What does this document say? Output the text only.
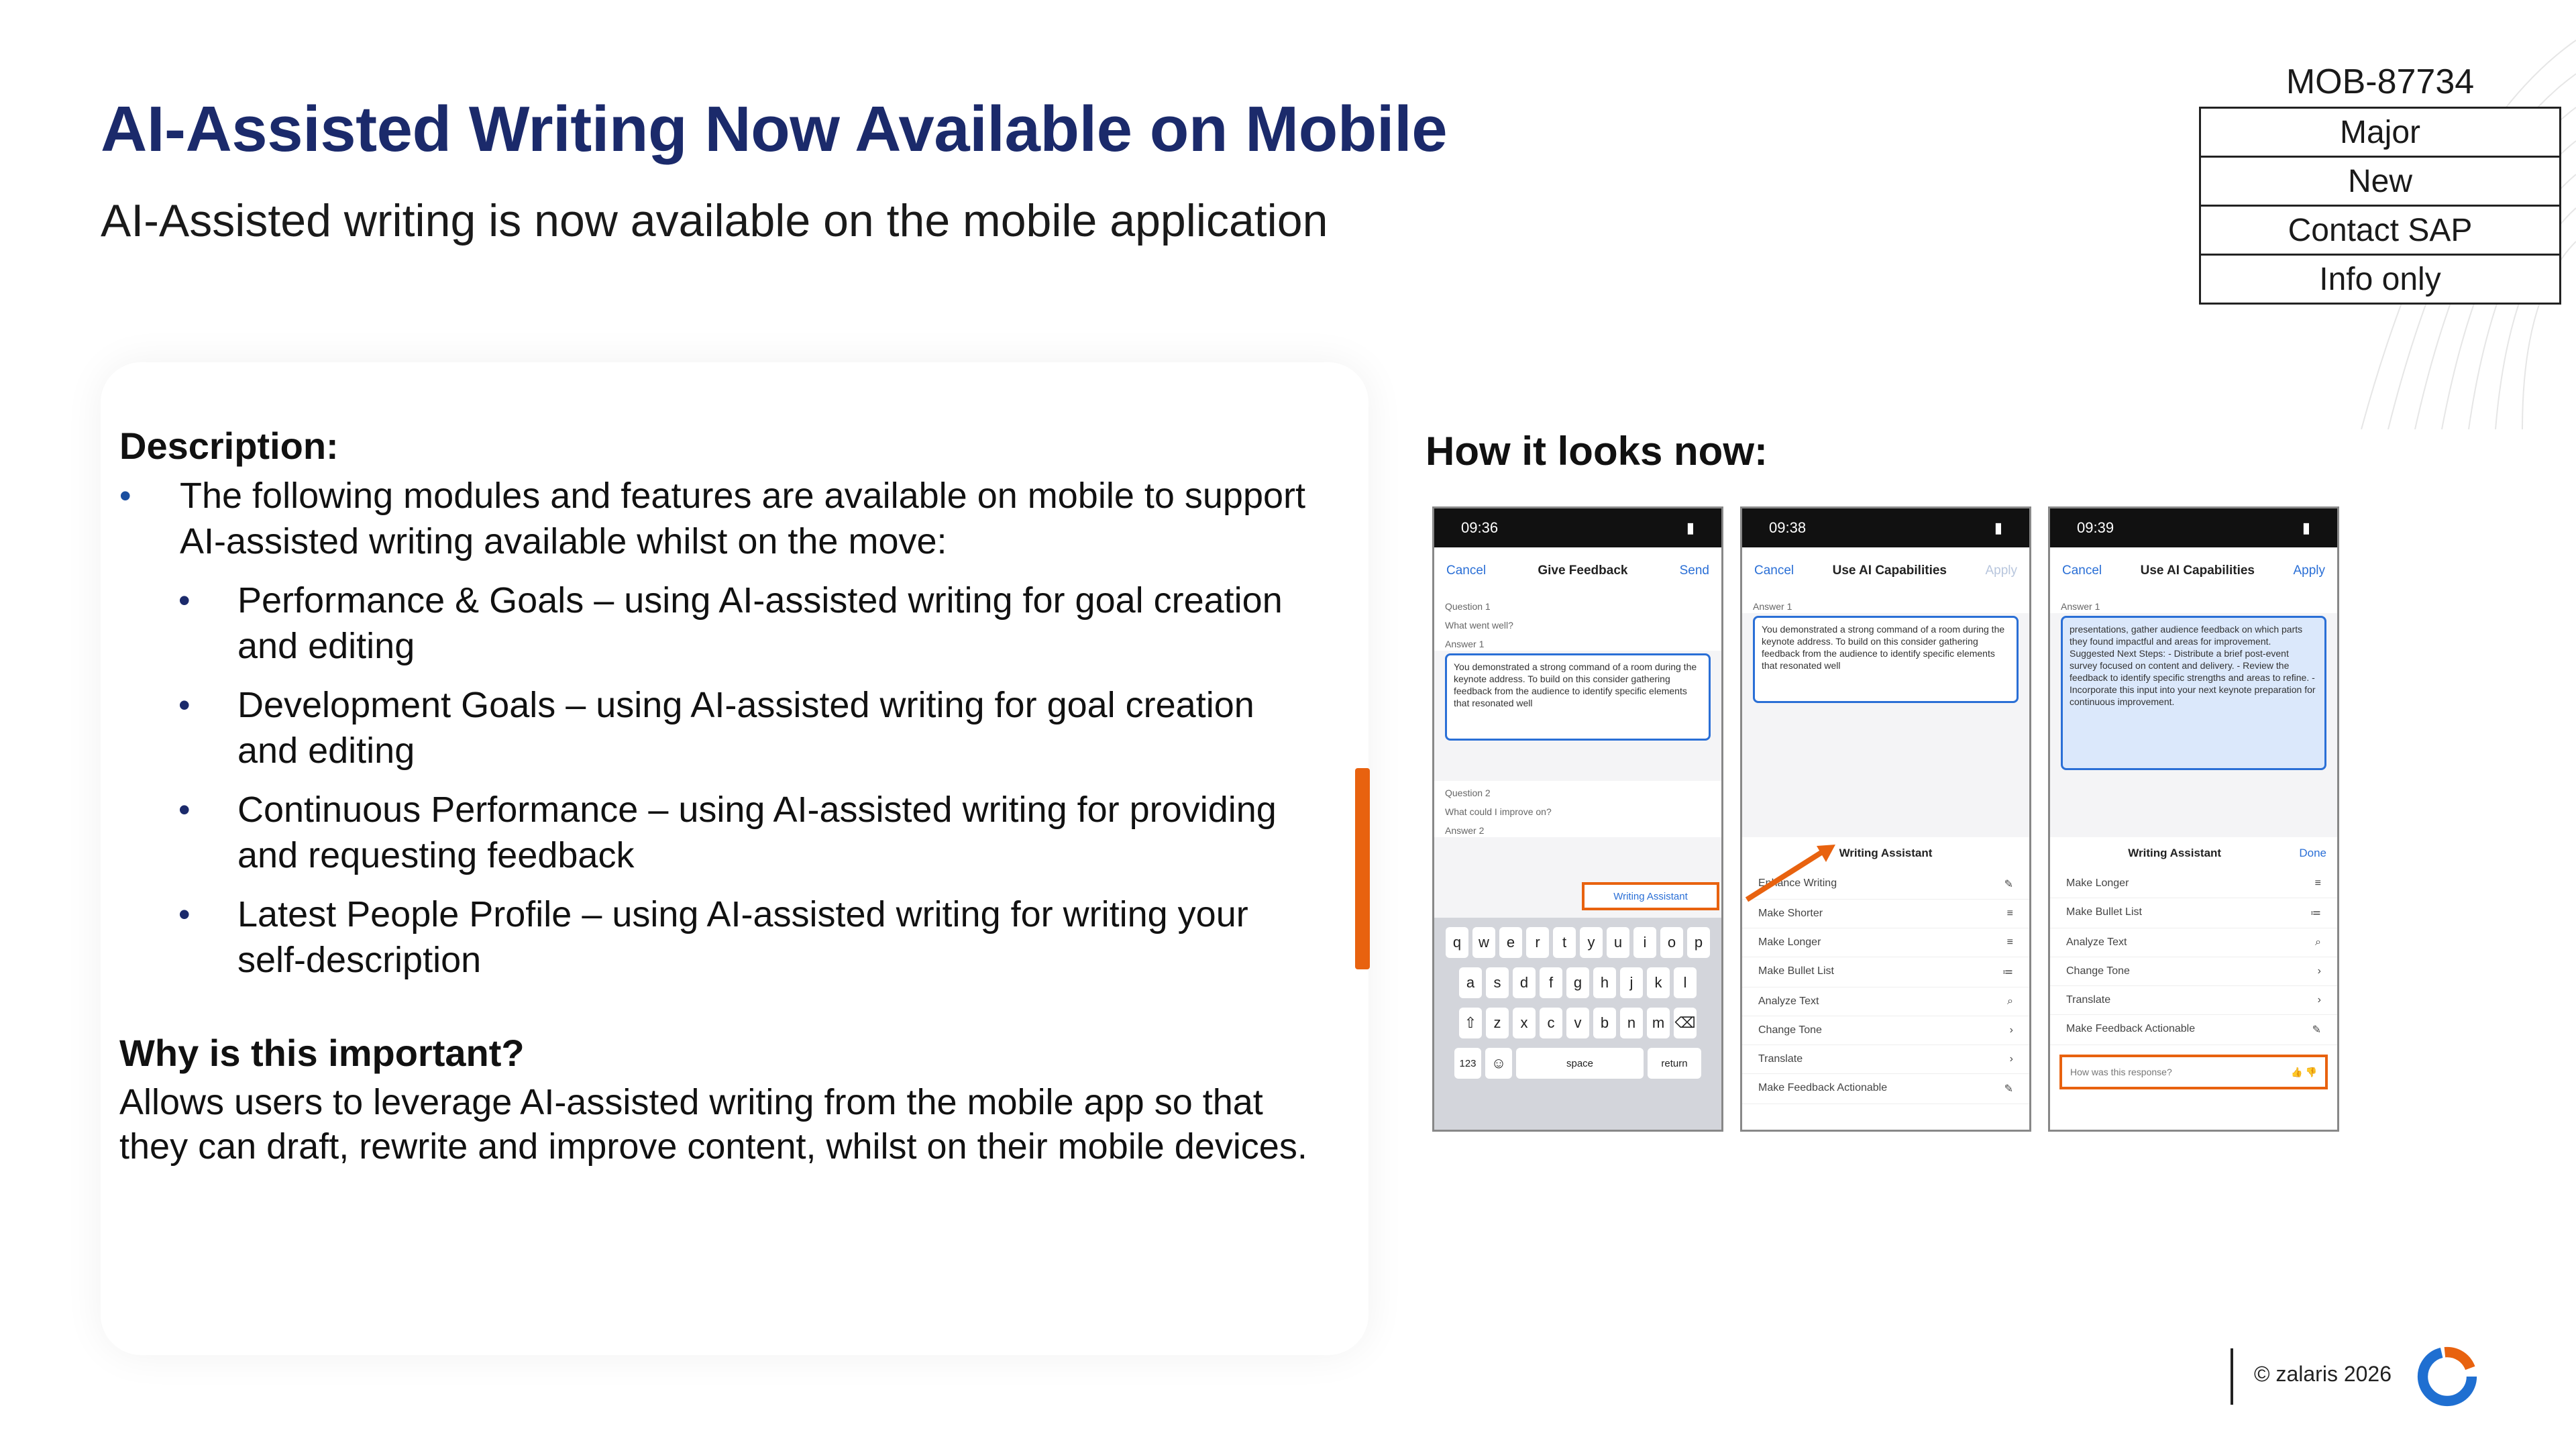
AI-Assisted Writing Now Available on Mobile

AI-Assisted writing is now available on the mobile application

MOB-87734
Major
New
Contact SAP
Info only
Description:
•	The following modules and features are available on mobile to support AI-assisted writing available whilst on the move:
•	Performance & Goals – using AI-assisted writing for goal creation and editing
•	Development Goals – using AI-assisted writing for goal creation and editing
•	Continuous Performance – using AI-assisted writing for providing and requesting feedback
•	Latest People Profile – using AI-assisted writing for writing your self-description
Why is this important?

Allows users to leverage AI-assisted writing from the mobile app so that they can draft, rewrite and improve content, whilst on their mobile devices.

How it looks now:
09:36	▮
Cancel	Give Feedback	Send
Question 1
What went well?
Answer 1
You demonstrated a strong command of a room during the keynote address. To build on this consider gathering feedback from the audience to identify specific elements that resonated well
Question 2
What could I improve on?
Answer 2
Writing Assistant
q	w	e	r	t	y	u	i	o	p
a	s	d	f	g	h	j	k	l
⇧	z	x	c	v	b	n	m ⌫
123	☺	space	return
09:38	▮
Cancel	Use AI Capabilities	Apply
Answer 1
You demonstrated a strong command of a room during the keynote address. To build on this consider gathering feedback from the audience to identify specific elements that resonated well
Writing Assistant
Enhance Writing	✎
Make Shorter	≡
Make Longer	≡
Make Bullet List	≔
Analyze Text	⌕
Change Tone	›
Translate	›
Make Feedback Actionable	✎
09:39	▮
Cancel	Use AI Capabilities	Apply
Answer 1
presentations, gather audience feedback on which parts they found impactful and areas for improvement. Suggested Next Steps: - Distribute a brief post-event survey focused on content and delivery. - Review the feedback to identify specific strengths and areas to refine. - Incorporate this input into your next keynote preparation for continuous improvement.
Writing Assistant	Done
Make Longer	≡
Make Bullet List	≔
Analyze Text	⌕
Change Tone	›
Translate	›
Make Feedback Actionable	✎
How was this response?	👍 👎
© zalaris 2026
